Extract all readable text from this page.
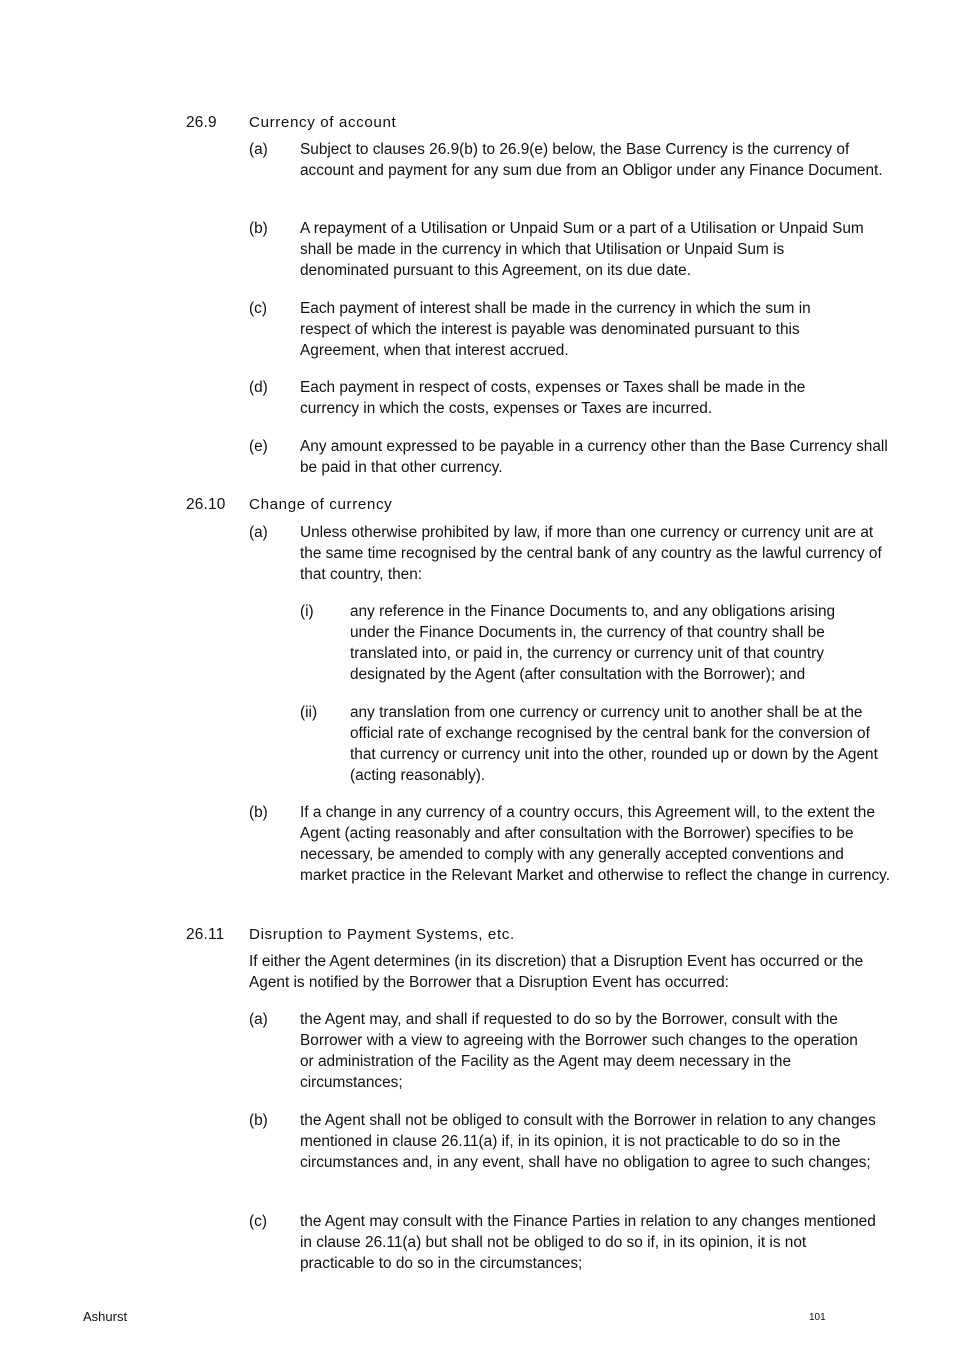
26.9 Currency of account
(a) Subject to clauses 26.9(b) to 26.9(e) below, the Base Currency is the currency of account and payment for any sum due from an Obligor under any Finance Document.

(b) A repayment of a Utilisation or Unpaid Sum or a part of a Utilisation or Unpaid Sum shall be made in the currency in which that Utilisation or Unpaid Sum is denominated pursuant to this Agreement, on its due date.

(c) Each payment of interest shall be made in the currency in which the sum in respect of which the interest is payable was denominated pursuant to this Agreement, when that interest accrued.

(d) Each payment in respect of costs, expenses or Taxes shall be made in the currency in which the costs, expenses or Taxes are incurred.

(e) Any amount expressed to be payable in a currency other than the Base Currency shall be paid in that other currency.

26.10 Change of currency
(a) Unless otherwise prohibited by law, if more than one currency or currency unit are at the same time recognised by the central bank of any country as the lawful currency of that country, then:

(i) any reference in the Finance Documents to, and any obligations arising under the Finance Documents in, the currency of that country shall be translated into, or paid in, the currency or currency unit of that country designated by the Agent (after consultation with the Borrower); and

(ii) any translation from one currency or currency unit to another shall be at the official rate of exchange recognised by the central bank for the conversion of that currency or currency unit into the other, rounded up or down by the Agent (acting reasonably).

(b) If a change in any currency of a country occurs, this Agreement will, to the extent the Agent (acting reasonably and after consultation with the Borrower) specifies to be necessary, be amended to comply with any generally accepted conventions and market practice in the Relevant Market and otherwise to reflect the change in currency.

26.11 Disruption to Payment Systems, etc.

If either the Agent determines (in its discretion) that a Disruption Event has occurred or the Agent is notified by the Borrower that a Disruption Event has occurred:

(a) the Agent may, and shall if requested to do so by the Borrower, consult with the Borrower with a view to agreeing with the Borrower such changes to the operation or administration of the Facility as the Agent may deem necessary in the circumstances;

(b) the Agent shall not be obliged to consult with the Borrower in relation to any changes mentioned in clause 26.11(a) if, in its opinion, it is not practicable to do so in the circumstances and, in any event, shall have no obligation to agree to such changes;

(c) the Agent may consult with the Finance Parties in relation to any changes mentioned in clause 26.11(a) but shall not be obliged to do so if, in its opinion, it is not practicable to do so in the circumstances;

Ashurst	101
